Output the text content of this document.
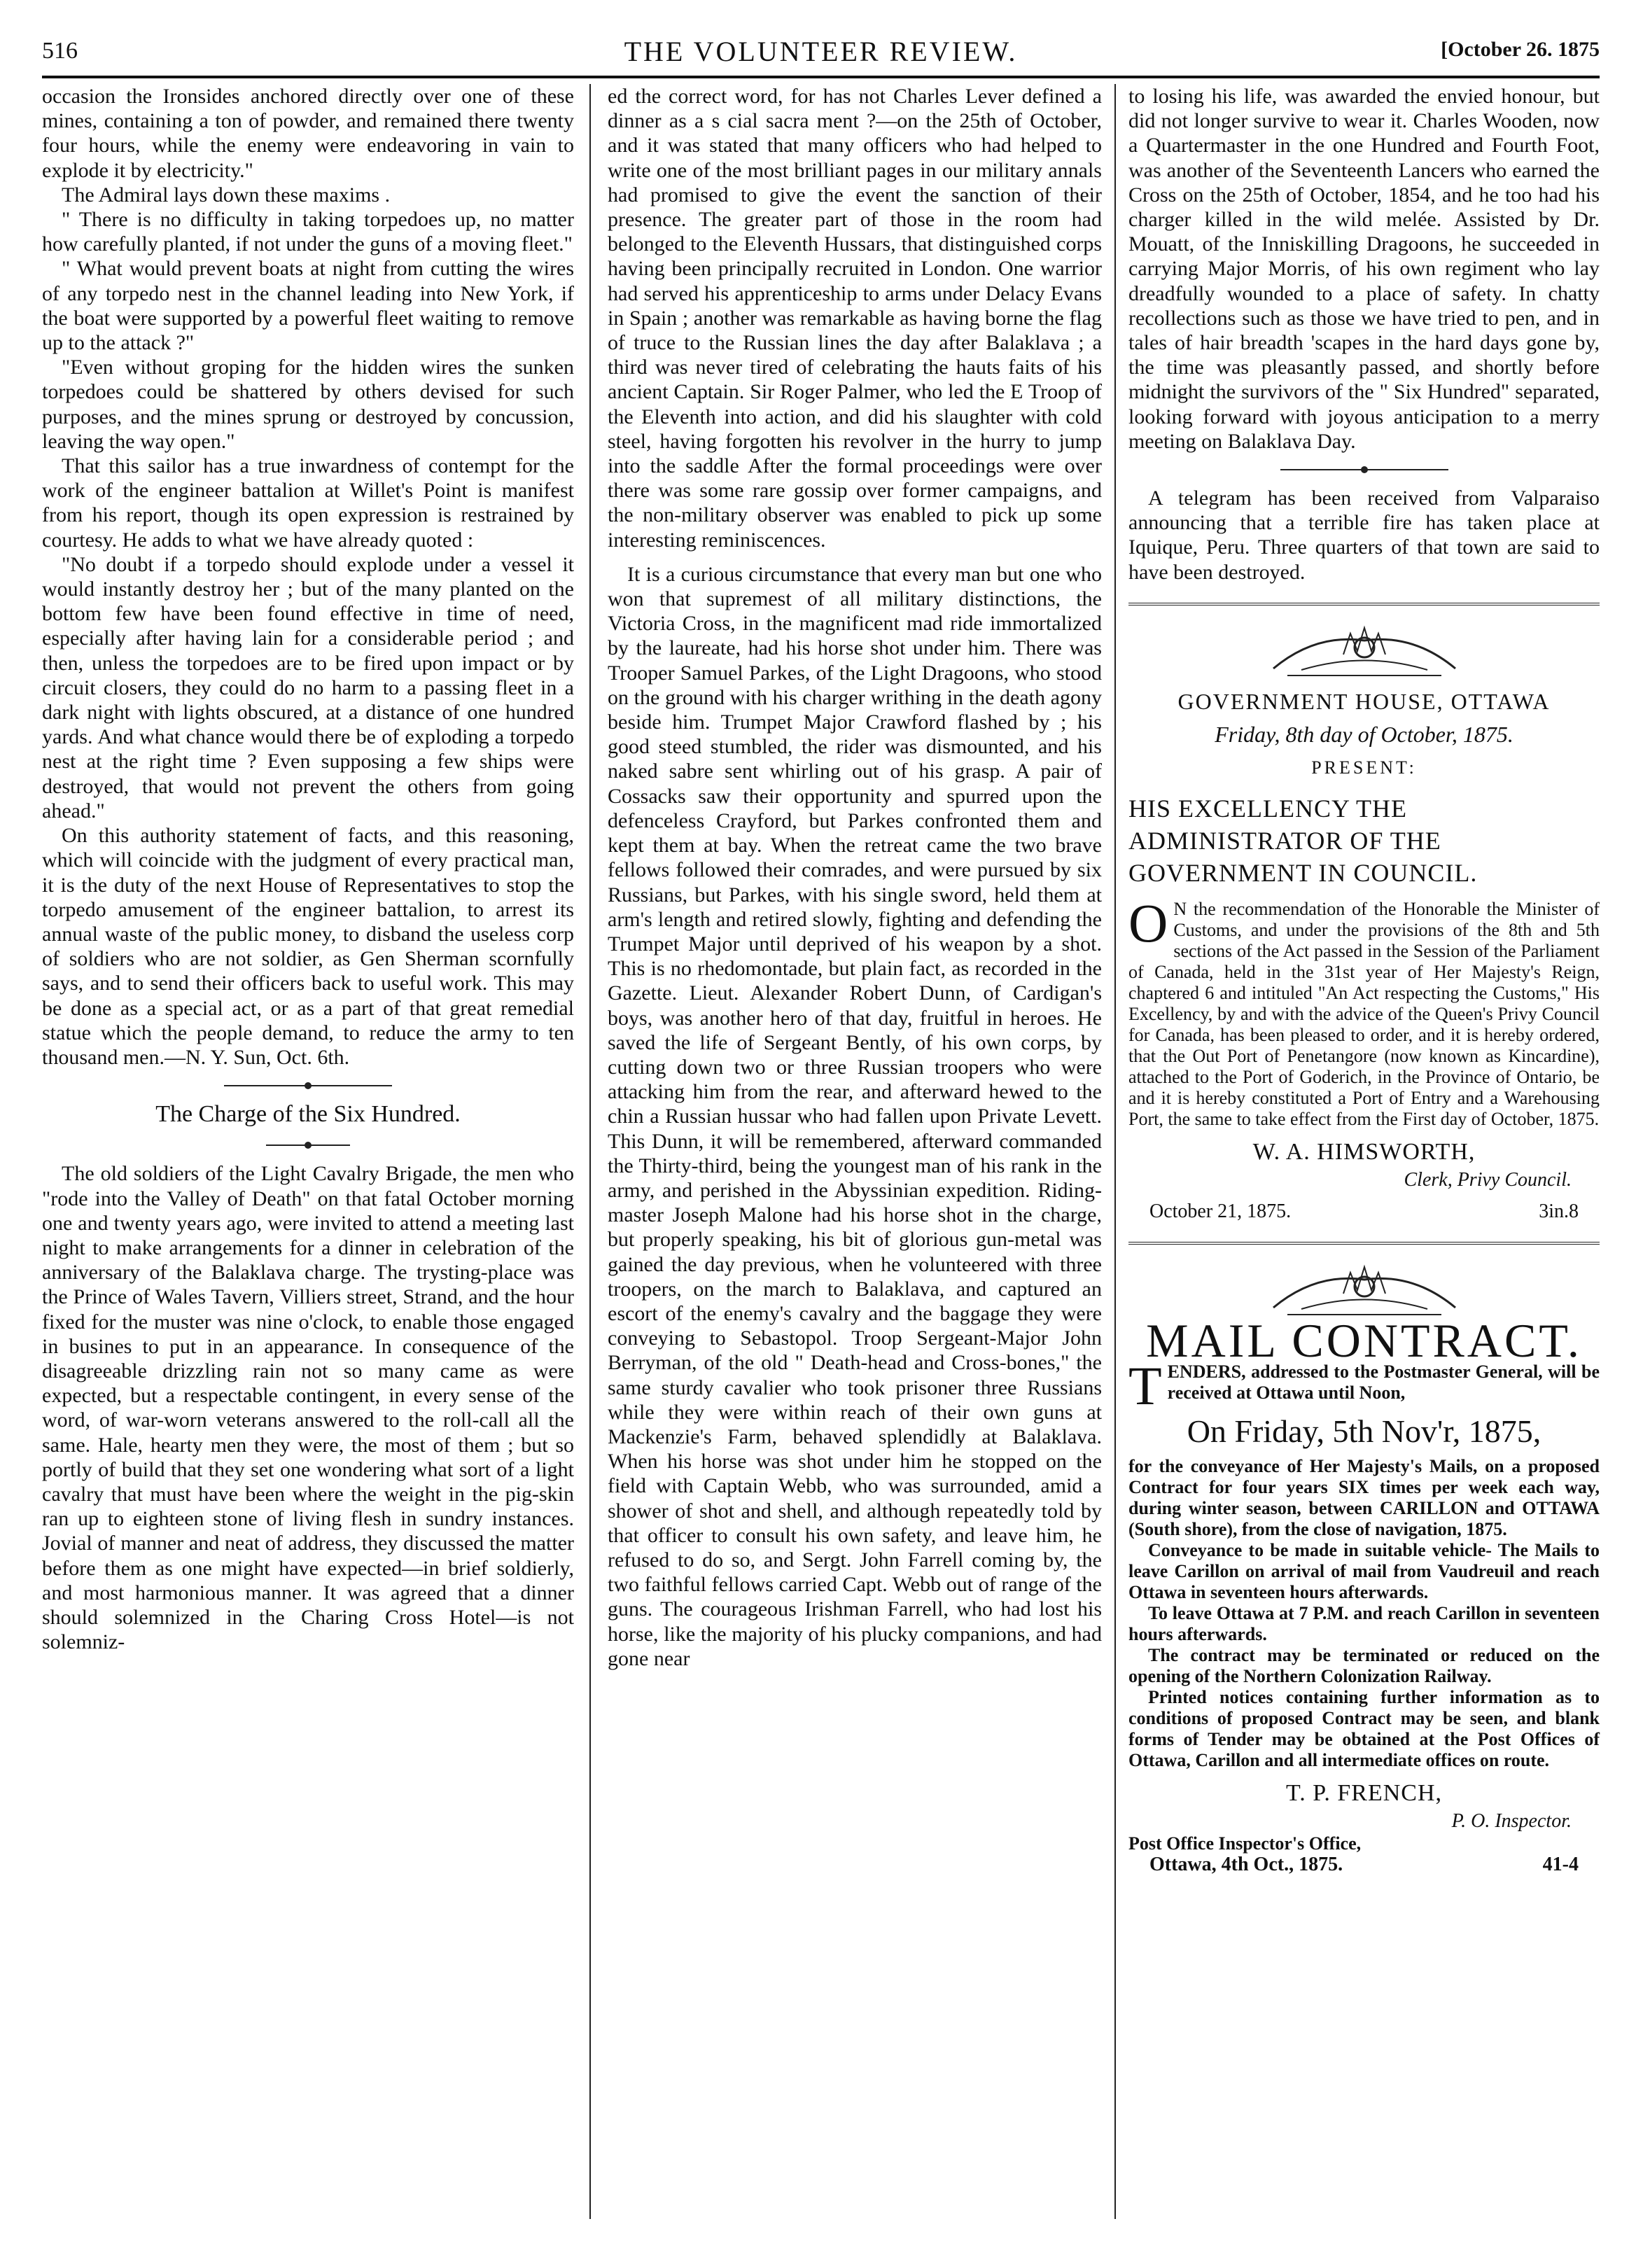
516	THE VOLUNTEER REVIEW.	[October 26. 1875

occasion the Ironsides anchored directly over one of these mines, containing a ton of powder, and remained there twenty four hours, while the enemy were endeavoring in vain to explode it by electricity."

The Admiral lays down these maxims .

" There is no difficulty in taking torpedoes up, no matter how carefully planted, if not under the guns of a moving fleet."

" What would prevent boats at night from cutting the wires of any torpedo nest in the channel leading into New York, if the boat were supported by a powerful fleet waiting to remove up to the attack ?"

"Even without groping for the hidden wires the sunken torpedoes could be shattered by others devised for such purposes, and the mines sprung or destroyed by concussion, leaving the way open."

That this sailor has a true inwardness of contempt for the work of the engineer battalion at Willet's Point is manifest from his report, though its open expression is restrained by courtesy. He adds to what we have already quoted :

"No doubt if a torpedo should explode under a vessel it would instantly destroy her ; but of the many planted on the bottom few have been found effective in time of need, especially after having lain for a considerable period ; and then, unless the torpedoes are to be fired upon impact or by circuit closers, they could do no harm to a passing fleet in a dark night with lights obscured, at a distance of one hundred yards. And what chance would there be of exploding a torpedo nest at the right time ? Even supposing a few ships were destroyed, that would not prevent the others from going ahead."

On this authority statement of facts, and this reasoning, which will coincide with the judgment of every practical man, it is the duty of the next House of Representatives to stop the torpedo amusement of the engineer battalion, to arrest its annual waste of the public money, to disband the useless corp of soldiers who are not soldier, as Gen Sherman scornfully says, and to send their officers back to useful work. This may be done as a special act, or as a part of that great remedial statue which the people demand, to reduce the army to ten thousand men.—N. Y. Sun, Oct. 6th.

The Charge of the Six Hundred.

The old soldiers of the Light Cavalry Brigade, the men who "rode into the Valley of Death" on that fatal October morning one and twenty years ago, were invited to attend a meeting last night to make arrangements for a dinner in celebration of the anniversary of the Balaklava charge. The trysting-place was the Prince of Wales Tavern, Villiers street, Strand, and the hour fixed for the muster was nine o'clock, to enable those engaged in busines to put in an appearance. In consequence of the disagreeable drizzling rain not so many came as were expected, but a respectable contingent, in every sense of the word, of war-worn veterans answered to the roll-call all the same. Hale, hearty men they were, the most of them ; but so portly of build that they set one wondering what sort of a light cavalry that must have been where the weight in the pig-skin ran up to eighteen stone of living flesh in sundry instances. Jovial of manner and neat of address, they discussed the matter before them as one might have expected—in brief soldierly, and most harmonious manner. It was agreed that a dinner should solemnized in the Charing Cross Hotel—is not solemniz-

ed the correct word, for has not Charles Lever defined a dinner as a s cial sacra ment ?—on the 25th of October, and it was stated that many officers who had helped to write one of the most brilliant pages in our military annals had promised to give the event the sanction of their presence. The greater part of those in the room had belonged to the Eleventh Hussars, that distinguished corps having been principally recruited in London. One warrior had served his apprenticeship to arms under Delacy Evans in Spain ; another was remarkable as having borne the flag of truce to the Russian lines the day after Balaklava ; a third was never tired of celebrating the hauts faits of his ancient Captain. Sir Roger Palmer, who led the E Troop of the Eleventh into action, and did his slaughter with cold steel, having forgotten his revolver in the hurry to jump into the saddle After the formal proceedings were over there was some rare gossip over former campaigns, and the non-military observer was enabled to pick up some interesting reminiscences.

It is a curious circumstance that every man but one who won that supremest of all military distinctions, the Victoria Cross, in the magnificent mad ride immortalized by the laureate, had his horse shot under him. There was Trooper Samuel Parkes, of the Light Dragoons, who stood on the ground with his charger writhing in the death agony beside him. Trumpet Major Crawford flashed by ; his good steed stumbled, the rider was dismounted, and his naked sabre sent whirling out of his grasp. A pair of Cossacks saw their opportunity and spurred upon the defenceless Crayford, but Parkes confronted them and kept them at bay. When the retreat came the two brave fellows followed their comrades, and were pursued by six Russians, but Parkes, with his single sword, held them at arm's length and retired slowly, fighting and defending the Trumpet Major until deprived of his weapon by a shot. This is no rhedomontade, but plain fact, as recorded in the Gazette. Lieut. Alexander Robert Dunn, of Cardigan's boys, was another hero of that day, fruitful in heroes. He saved the life of Sergeant Bently, of his own corps, by cutting down two or three Russian troopers who were attacking him from the rear, and afterward hewed to the chin a Russian hussar who had fallen upon Private Levett. This Dunn, it will be remembered, afterward commanded the Thirty-third, being the youngest man of his rank in the army, and perished in the Abyssinian expedition. Riding-master Joseph Malone had his horse shot in the charge, but properly speaking, his bit of glorious gun-metal was gained the day previous, when he volunteered with three troopers, on the march to Balaklava, and captured an escort of the enemy's cavalry and the baggage they were conveying to Sebastopol. Troop Sergeant-Major John Berryman, of the old " Death-head and Cross-bones," the same sturdy cavalier who took prisoner three Russians while they were within reach of their own guns at Mackenzie's Farm, behaved splendidly at Balaklava. When his horse was shot under him he stopped on the field with Captain Webb, who was surrounded, amid a shower of shot and shell, and although repeatedly told by that officer to consult his own safety, and leave him, he refused to do so, and Sergt. John Farrell coming by, the two faithful fellows carried Capt. Webb out of range of the guns. The courageous Irishman Farrell, who had lost his horse, like the majority of his plucky companions, and had gone near

to losing his life, was awarded the envied honour, but did not longer survive to wear it. Charles Wooden, now a Quartermaster in the one Hundred and Fourth Foot, was another of the Seventeenth Lancers who earned the Cross on the 25th of October, 1854, and he too had his charger killed in the wild melée. Assisted by Dr. Mouatt, of the Inniskilling Dragoons, he succeeded in carrying Major Morris, of his own regiment who lay dreadfully wounded to a place of safety. In chatty recollections such as those we have tried to pen, and in tales of hair breadth 'scapes in the hard days gone by, the time was pleasantly passed, and shortly before midnight the survivors of the " Six Hundred" separated, looking forward with joyous anticipation to a merry meeting on Balaklava Day.

A telegram has been received from Valparaiso announcing that a terrible fire has taken place at Iquique, Peru. Three quarters of that town are said to have been destroyed.

GOVERNMENT HOUSE, OTTAWA
Friday, 8th day of October, 1875.
PRESENT:
HIS EXCELLENCY THE ADMINISTRATOR OF THE GOVERNMENT IN COUNCIL.
O N the recommendation of the Honorable the Minister of Customs, and under the provisions of the 8th and 5th sections of the Act passed in the Session of the Parliament of Canada, held in the 31st year of Her Majesty's Reign, chaptered 6 and intituled "An Act respecting the Customs," His Excellency, by and with the advice of the Queen's Privy Council for Canada, has been pleased to order, and it is hereby ordered, that the Out Port of Penetangore (now known as Kincardine), attached to the Port of Goderich, in the Province of Ontario, be and it is hereby constituted a Port of Entry and a Warehousing Port, the same to take effect from the First day of October, 1875.
W. A. HIMSWORTH,
Clerk, Privy Council.
October 21, 1875.	3in.8
MAIL CONTRACT.
TENDERS, addressed to the Postmaster General, will be received at Ottawa until Noon,
On Friday, 5th Nov'r, 1875,

for the conveyance of Her Majesty's Mails, on a proposed Contract for four years SIX times per week each way, during winter season, between CARILLON and OTTAWA (South shore), from the close of navigation, 1875.

Conveyance to be made in suitable vehicle- The Mails to leave Carillon on arrival of mail from Vaudreuil and reach Ottawa in seventeen hours afterwards.

To leave Ottawa at 7 P.M. and reach Carillon in seventeen hours afterwards.

The contract may be terminated or reduced on the opening of the Northern Colonization Railway.

Printed notices containing further information as to conditions of proposed Contract may be seen, and blank forms of Tender may be obtained at the Post Offices of Ottawa, Carillon and all intermediate offices on route.

T. P. FRENCH,
P. O. Inspector.
Post Office Inspector's Office,
Ottawa, 4th Oct., 1875.	41-4
